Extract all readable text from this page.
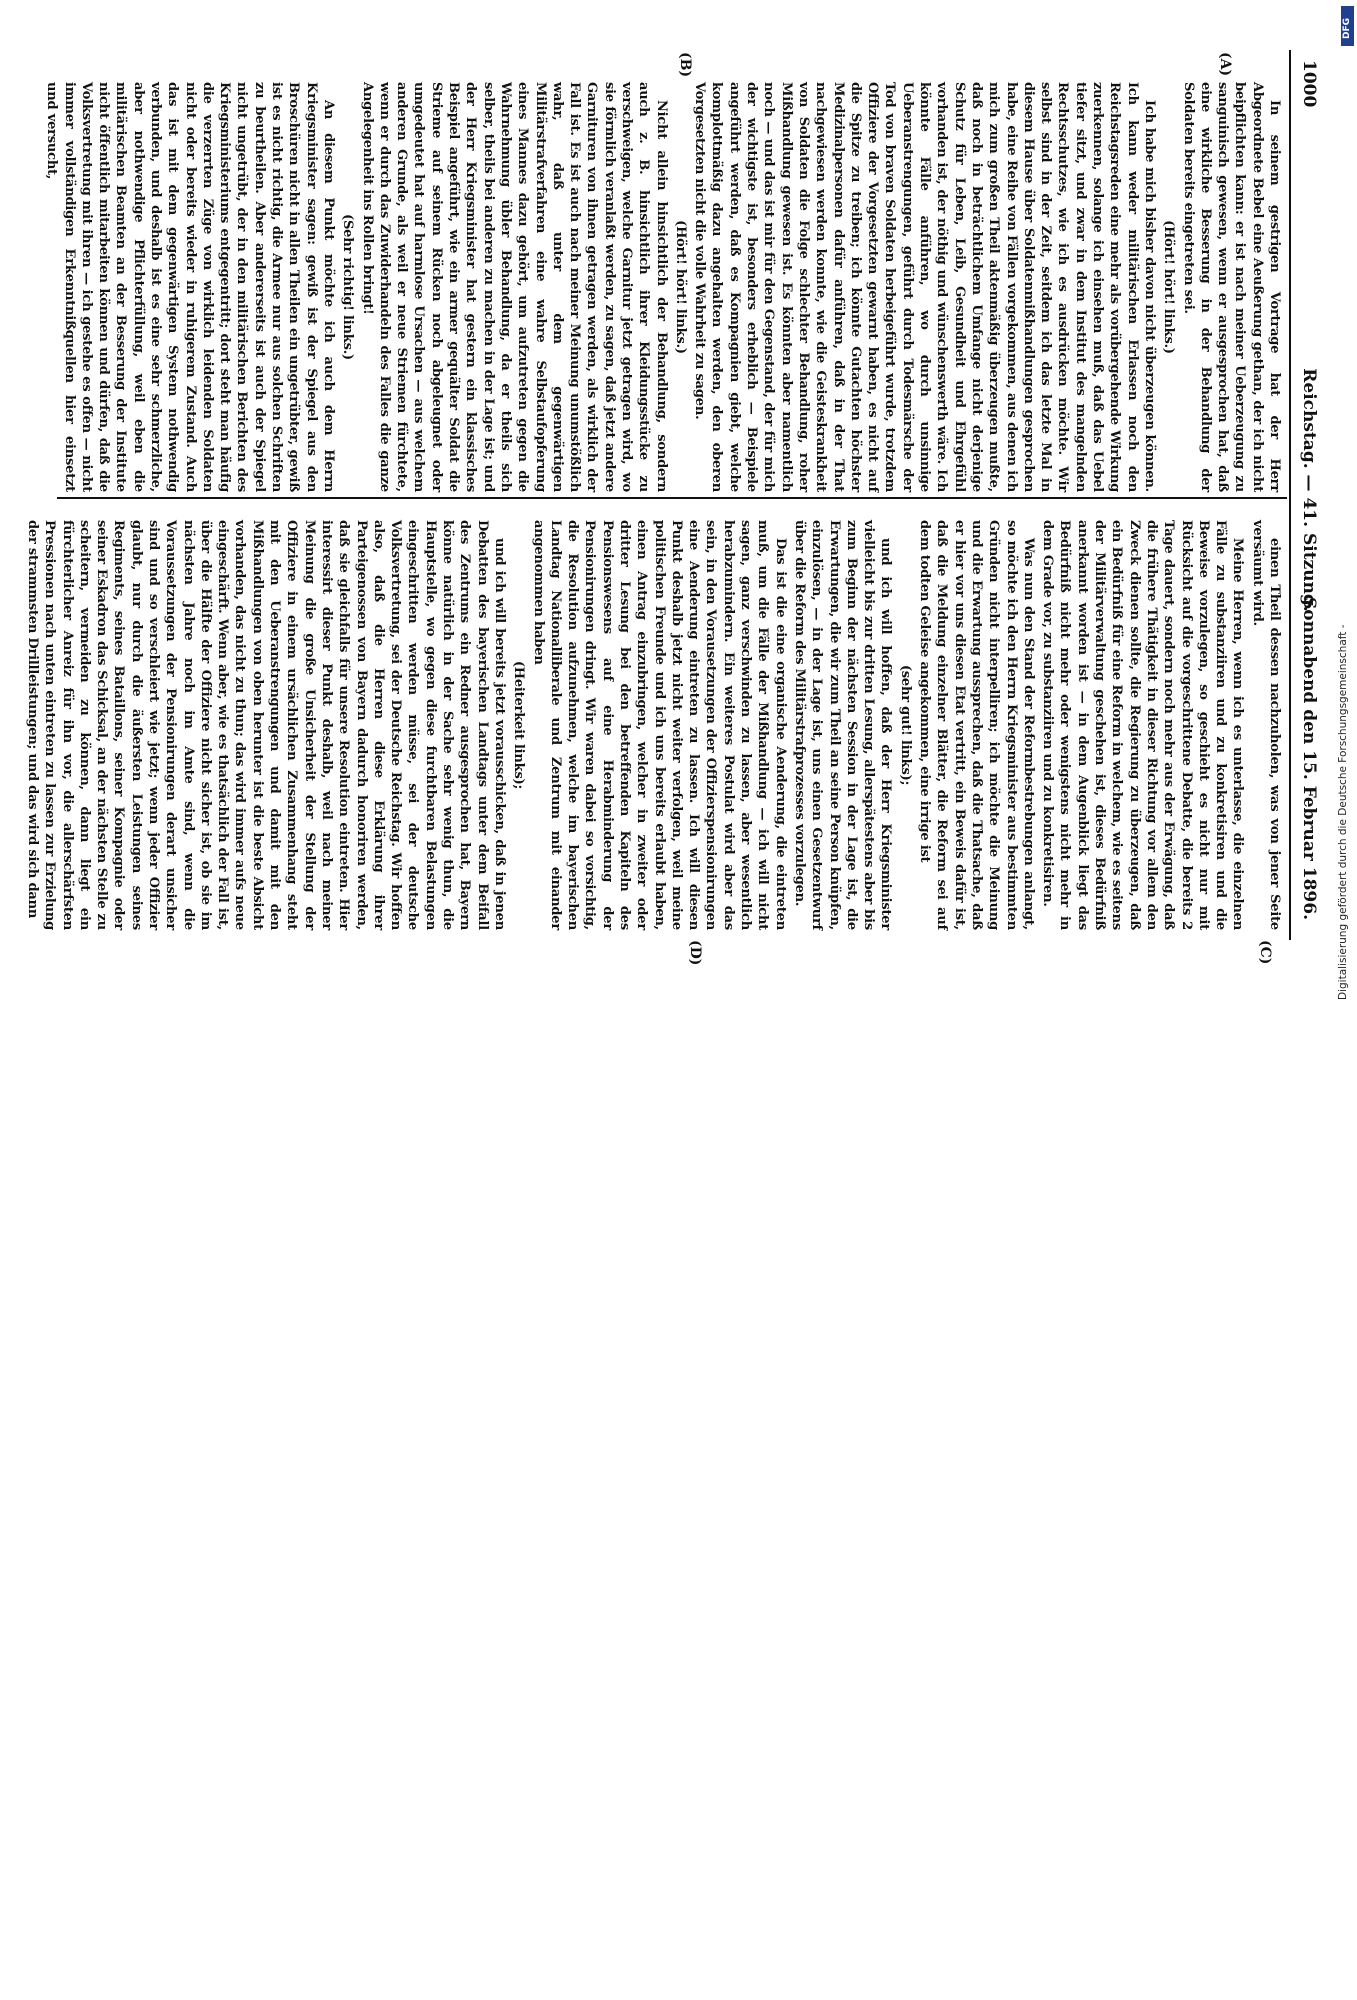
1000
Reichstag. — 41. Sitzung.
Sonnabend den 15. Februar 1896.
(A)
(B)
(C)
(D)

In seinem gestrigen Vortrage hat der Herr Abgeordnete Bebel eine Aeußerung gethan, der ich nicht beipflichten kann: er ist nach meiner Ueberzeugung zu sanguinisch gewesen, wenn er ausgesprochen hat, daß eine wirkliche Besserung in der Behandlung der Soldaten bereits eingetreten sei.

(Hört! hört! links.)

Ich habe mich bisher davon nicht überzeugen können. Ich kann weder militärischen Erlassen noch den Reichstagsreden eine mehr als vorübergehende Wirkung zuerkennen, solange ich einsehen muß, daß das Uebel tiefer sitzt, und zwar in dem Institut des mangelnden Rechtsschutzes, wie ich es ausdrücken möchte. Wir selbst sind in der Zeit, seitdem ich das letzte Mal in diesem Hause über Soldatenmißhandlungen gesprochen habe, eine Reihe von Fällen vorgekommen, aus denen ich mich zum großen Theil aktenmäßig überzeugen mußte, daß noch in beträchtlichem Umfange nicht derjenige Schutz für Leben, Leib, Gesundheit und Ehrgefühl vorhanden ist, der nöthig und wünschenswerth wäre. Ich könnte Fälle anführen, wo durch unsinnige Ueberanstrengungen, geführt durch Todesmärsche der Tod von braven Soldaten herbeigeführt wurde, trotzdem Offiziere der Vorgesetzten gewarnt haben, es nicht auf die Spitze zu treiben; ich könnte Gutachten höchster Medizinalpersonen dafür anführen, daß in der That nachgewiesen werden konnte, wie die Geisteskrankheit von Soldaten die Folge schlechter Behandlung, roher Mißhandlung gewesen ist. Es könnten aber namentlich noch — und das ist mir für den Gegenstand, der für mich der wichtigste ist, besonders erheblich — Beispiele angeführt werden, daß es Kompagnien giebt, welche komplottmäßig dazu angehalten werden, den oberen Vorgesetzten nicht die volle Wahrheit zu sagen.

(Hört! hört! links.)

Nicht allein hinsichtlich der Behandlung, sondern auch z. B. hinsichtlich ihrer Kleidungsstücke zu verschweigen, welche Garnitur jetzt getragen wird, wo sie förmlich veranlaßt werden, zu sagen, daß jetzt andere Garnituren von ihnen getragen werden, als wirklich der Fall ist. Es ist auch nach meiner Meinung unumstößlich wahr, daß unter dem gegenwärtigen Militärstrafverfahren eine wahre Selbstaufopferung eines Mannes dazu gehört, um aufzutreten gegen die Wahrnehmung übler Behandlung, da er theils sich selber, theils bei anderen zu machen in der Lage ist; und der Herr Kriegsminister hat gestern ein klassisches Beispiel angeführt, wie ein armer gequälter Soldat die Strieme auf seinem Rücken noch abgeleugnet oder umgedeutet hat auf harmlose Ursachen — aus welchem anderen Grunde, als weil er neue Striemen fürchtete, wenn er durch das Zuwiderhandeln des Falles die ganze Angelegenheit ins Rollen bringt!

(Sehr richtig! links.)

An diesem Punkt möchte ich auch dem Herrn Kriegsminister sagen: gewiß ist der Spiegel aus den Broschüren nicht in allen Theilen ein ungetrübter, gewiß ist es nicht richtig, die Armee nur aus solchen Schriften zu beurtheilen. Aber andererseits ist auch der Spiegel nicht ungetrübt, der in den militärischen Berichten des Kriegsministeriums entgegentritt; dort steht man häufig die verzerrten Züge von wirklich leidenden Soldaten nicht oder bereits wieder in ruhigerem Zustand. Auch das ist mit dem gegenwärtigen System nothwendig verbunden, und deshalb ist es eine sehr schmerzliche, aber nothwendige Pflichterfüllung, weil eben die militärischen Beamten an der Besserung der Institute nicht öffentlich mitarbeiten können und dürfen, daß die Volksvertretung mit ihren — ich gestehe es offen — nicht immer vollständigen Erkenntnißquellen hier einsetzt und versucht,

einen Theil dessen nachzuholen, was von jener Seite versäumt wird.

Meine Herren, wenn ich es unterlasse, die einzelnen Fälle zu substanziiren und zu konkretisiren und die Beweise vorzulegen, so geschieht es nicht nur mit Rücksicht auf die vorgeschrittene Debatte, die bereits 2 Tage dauert, sondern noch mehr aus der Erwägung, daß die frühere Thätigkeit in dieser Richtung vor allem den Zweck dienen sollte, die Regierung zu überzeugen, daß ein Bedürfniß für eine Reform in welchem, wie es seitens der Militärverwaltung geschehen ist, dieses Bedürfniß anerkannt worden ist — in dem Augenblick liegt das Bedürfniß nicht mehr oder wenigstens nicht mehr in dem Grade vor, zu substanziiren und zu konkretisiren.

Was nun den Stand der Reformbestrebungen anlangt, so möchte ich den Herrn Kriegsminister aus bestimmten Gründen nicht interpelliren; ich möchte die Meinung und die Erwartung aussprechen, daß die Thatsache, daß er hier vor uns diesen Etat vertritt, ein Beweis dafür ist, daß die Meldung einzelner Blätter, die Reform sei auf dem todten Geleise angekommen, eine irrige ist

(sehr gut! links);

und ich will hoffen, daß der Herr Kriegsminister vielleicht bis zur dritten Lesung, allerspätestens aber bis zum Beginn der nächsten Session in der Lage ist, die Erwartungen, die wir zum Theil an seine Person knüpfen, einzulösen, — in der Lage ist, uns einen Gesetzentwurf über die Reform des Militärstrafprozesses vorzulegen.

Das ist die eine organische Aenderung, die eintreten muß, um die Fälle der Mißhandlung — ich will nicht sagen, ganz verschwinden zu lassen, aber wesentlich herabzumindern. Ein weiteres Postulat wird aber das sein, in den Vorausetzungen der Offizierspensionirungen eine Aenderung eintreten zu lassen. Ich will diesen Punkt deshalb jetzt nicht weiter verfolgen, weil meine politischen Freunde und ich uns bereits erlaubt haben, einen Antrag einzubringen, welcher in zweiter oder dritter Lesung bei den betreffenden Kapiteln des Pensionswesens auf eine Herabminderung der Pensionirungen dringt. Wir waren dabei so vorsichtig, die Resolution aufzunehmen, welche im bayerischen Landtag Nationalliberale und Zentrum mit einander angenommen haben

(Heiterkeit links);

und ich will bereits jetzt vorausschicken, daß in jenen Debatten des bayerischen Landtags unter dem Beifall des Zentrums ein Redner ausgesprochen hat, Bayern könne natürlich in der Sache sehr wenig thun, die Hauptstelle, wo gegen diese furchtbaren Belastungen eingeschritten werden müsse, sei der deutsche Volksvertretung, sei der Deutsche Reichstag. Wir hoffen also, daß die Herren diese Erklärung ihrer Parteigenossen von Bayern dadurch honoriren werden, daß sie gleichfalls für unsere Resolution eintreten. Hier interessirt dieser Punkt deshalb, weil nach meiner Meinung die große Unsicherheit der Stellung der Offiziere in einem ursächlichen Zusammenhang steht mit den Ueberanstrengungen und damit mit den Mißhandlungen von oben herunter ist die beste Absicht vorhanden, das nicht zu thun; das wird immer aufs neue eingeschärft. Wenn aber, wie es thatsächlich der Fall ist, über die Hälfte der Offiziere nicht sicher ist, ob sie im nächsten Jahre noch im Amte sind, wenn die Voraussetzungen der Pensionirungen derart unsicher sind und so verschleiert wie jetzt; wenn jeder Offizier glaubt, nur durch die äußersten Leistungen seines Regiments, seines Bataillons, seiner Kompagnie oder seiner Eskadron das Schicksal, an der nächsten Stelle zu scheitern, vermeiden zu können, dann liegt ein fürchterlicher Anreiz für ihn vor, die allerschärfsten Pressionen nach unten eintreten zu lassen zur Erzielung der strammsten Drillleistungen; und das wird sich dann

DFG
Digitalisierung gefördert durch die Deutsche Forschungsgemeinschaft -
